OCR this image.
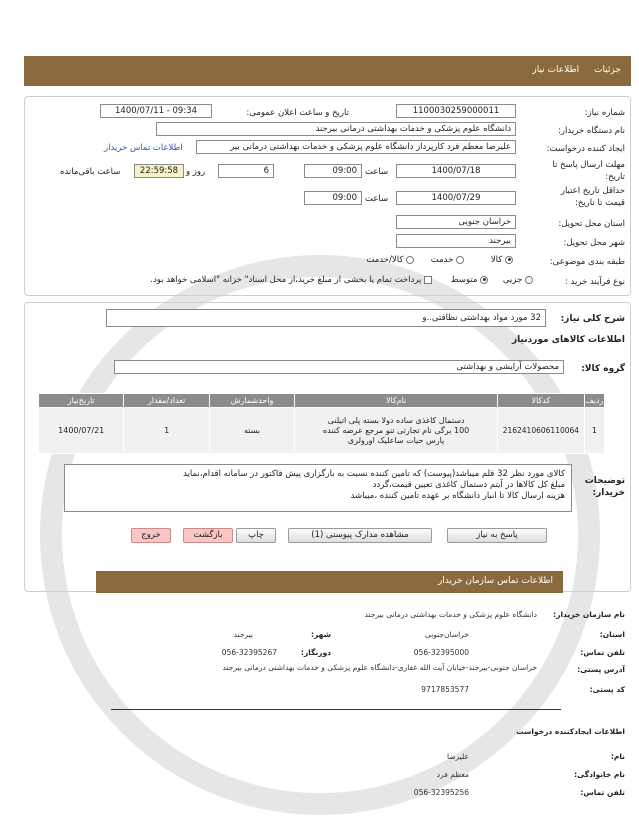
جزئیات اطلاعات نیاز
شماره نیاز:
1100030259000011
تاریخ و ساعت اعلان عمومی:
1400/07/11 - 09:34
نام دستگاه خریدار:
دانشگاه علوم پزشکی و خدمات بهداشتی درمانی بیرجند
ایجاد کننده درخواست:
علیرضا معظم فرد کارپرداز دانشگاه علوم پزشکی و خدمات بهداشتی درمانی بیر
اطلاعات تماس خریدار
مهلت ارسال پاسخ تا
تاریخ:
1400/07/18
ساعت
09:00
6
روز و
22:59:58
ساعت باقی‌مانده
حداقل تاریخ اعتبار
قیمت تا تاریخ:
1400/07/29
ساعت
09:00
استان محل تحویل:
خراسان جنوبی
شهر محل تحویل:
بیرجند
طبقه بندی موضوعی:
کالا  خدمت  کالا/خدمت
نوع فرآیند خرید :
جزیی  متوسط  پرداخت تمام یا بخشی از مبلغ خرید،از محل اسناد" خزانه "اسلامی خواهد بود.
شرح کلی نیاز:
32 مورد مواد بهداشتی نظافتی..و
اطلاعات کالاهای موردنیاز
گروه کالا:
محصولات آرایشی و بهداشتی
ردیف	کدکالا	نام‌کالا	واحدشمارش	تعداد/مقدار	تاریخ‌نیاز
1	2162410606110064	دستمال کاغذی ساده دولا بسته پلی اتیلنی 100 برگی نام تجارتی تنو مرجع عرضه کننده پارس حیات ساعلیک اورولری	بسته	1	1400/07/21
توضیحات
خریدار:
کالای مورد نظر 32 قلم میباشد(پیوست) که تامین کننده نسبت به بارگزاری پیش فاکتور در سامانه اقدام،نماید
مبلغ کل کالاها در آیتم دستمال کاغذی تعیین قیمت،گردد
هزینه ارسال کالا تا انبار دانشگاه بر عهده تامین کننده ،میباشد
پاسخ به نیاز
مشاهده مدارک پیوستی (1)
چاپ
بازگشت
خروج
اطلاعات تماس سازمان خریدار
نام سازمان خریدار:
دانشگاه علوم پزشکی و خدمات بهداشتی درمانی بیرجند
استان:
خراسان‌جنوبی
شهر:
بیرجند
تلفن تماس:
056-32395000
دورنگار:
056-32395267
آدرس پستی:
خراسان جنوبی-بیرجند-خیابان آیت الله غفاری-دانشگاه علوم پزشکی و خدمات بهداشتی درمانی بیرجند
کد پستی:
9717853577
اطلاعات ایجادکننده درخواست
نام:
علیرضا
نام خانوادگی:
معظم فرد
تلفن تماس:
056-32395256
